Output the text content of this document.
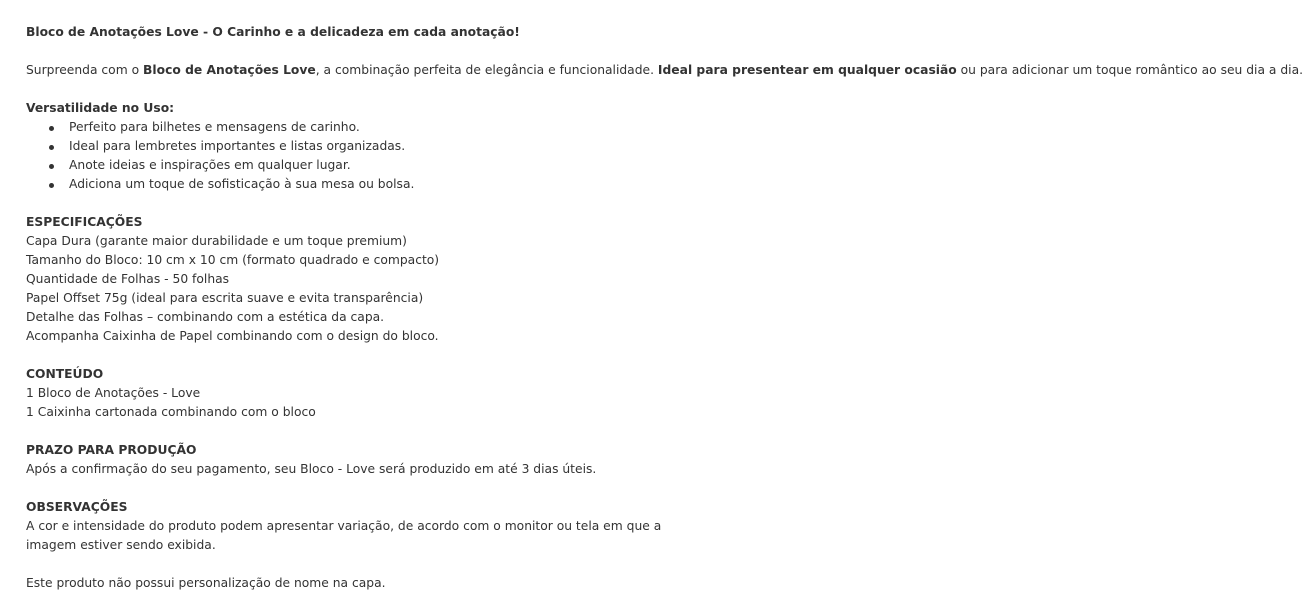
Bloco de Anotações Love - O Carinho e a delicadeza em cada anotação!

Surpreenda com o Bloco de Anotações Love, a combinação perfeita de elegância e funcionalidade. Ideal para presentear em qualquer ocasião ou para adicionar um toque romântico ao seu dia a dia.

Versatilidade no Uso:

Perfeito para bilhetes e mensagens de carinho.
Ideal para lembretes importantes e listas organizadas.
Anote ideias e inspirações em qualquer lugar.
Adiciona um toque de sofisticação à sua mesa ou bolsa.

ESPECIFICAÇÕES

Capa Dura (garante maior durabilidade e um toque premium)

Tamanho do Bloco: 10 cm x 10 cm (formato quadrado e compacto)

Quantidade de Folhas - 50 folhas

Papel Offset 75g (ideal para escrita suave e evita transparência)

Detalhe das Folhas – combinando com a estética da capa.

Acompanha Caixinha de Papel combinando com o design do bloco.

CONTEÚDO

1 Bloco de Anotações - Love

1 Caixinha cartonada combinando com o bloco

PRAZO PARA PRODUÇÃO

Após a confirmação do seu pagamento, seu Bloco - Love será produzido em até 3 dias úteis.

OBSERVAÇÕES

A cor e intensidade do produto podem apresentar variação, de acordo com o monitor ou tela em que a

imagem estiver sendo exibida.

Este produto não possui personalização de nome na capa.
